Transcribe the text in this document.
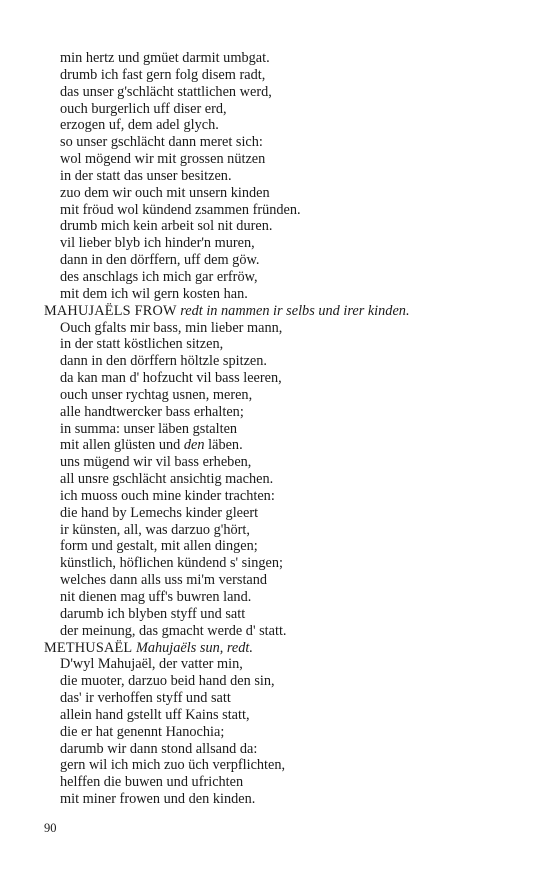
min hertz und gmüet darmit umbgat.
drumb ich fast gern folg disem radt,
das unser g'schlächt stattlichen werd,
ouch burgerlich uff diser erd,
erzogen uf, dem adel glych.
so unser gschlächt dann meret sich:
wol mögend wir mit grossen nützen
in der statt das unser besitzen.
zuo dem wir ouch mit unsern kinden
mit fröud wol kündend zsammen fründen.
drumb mich kein arbeit sol nit duren.
vil lieber blyb ich hinder'n muren,
dann in den dörffern, uff dem göw.
des anschlags ich mich gar erfröw,
mit dem ich wil gern kosten han.
MAHUJAËLS FROW redt in nammen ir selbs und irer kinden.
Ouch gfalts mir bass, min lieber mann,
in der statt köstlichen sitzen,
dann in den dörffern höltzle spitzen.
da kan man d' hofzucht vil bass leeren,
ouch unser rychtag usnen, meren,
alle handtwercker bass erhalten;
in summa: unser läben gstalten
mit allen glüsten und den läben.
uns mügend wir vil bass erheben,
all unsre gschlächt ansichtig machen.
ich muoss ouch mine kinder trachten:
die hand by Lemechs kinder gleert
ir künsten, all, was darzuo g'hört,
form und gestalt, mit allen dingen;
künstlich, höflichen kündend s' singen;
welches dann alls uss mi'm verstand
nit dienen mag uff's buwren land.
darumb ich blyben styff und satt
der meinung, das gmacht werde d' statt.
METHUSAËL Mahujaëls sun, redt.
D'wyl Mahujaël, der vatter min,
die muoter, darzuo beid hand den sin,
das' ir verhoffen styff und satt
allein hand gstellt uff Kains statt,
die er hat genennt Hanochia;
darumb wir dann stond allsand da:
gern wil ich mich zuo üch verpflichten,
helffen die buwen und ufrichten
mit miner frowen und den kinden.
90
